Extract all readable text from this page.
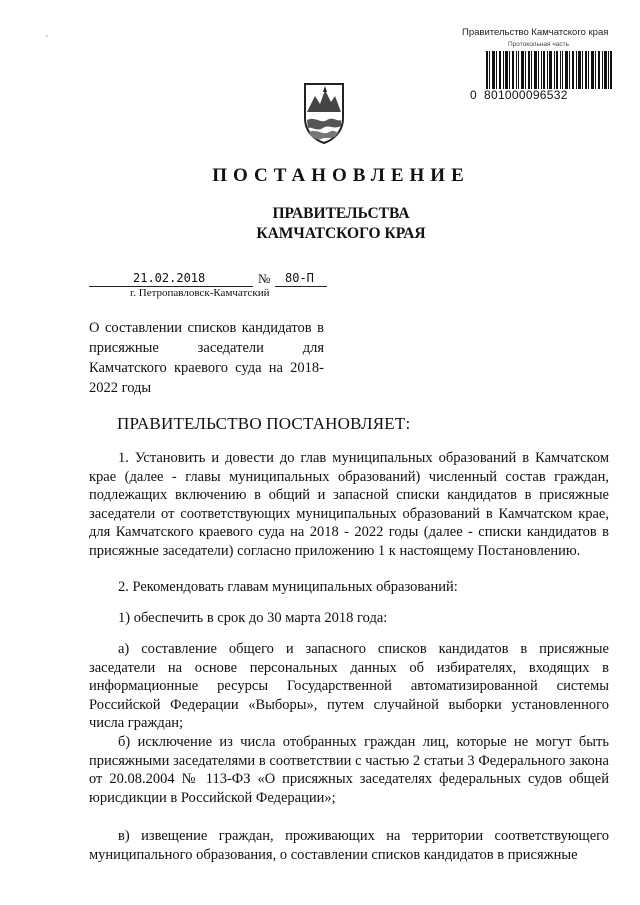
'
Правительство Камчатского края
Протокольная часть
0 801000096532
ПОСТАНОВЛЕНИЕ
ПРАВИТЕЛЬСТВА
КАМЧАТСКОГО КРАЯ
21.02.2018	№ 80-П
г. Петропавловск-Камчатский
О составлении списков кандидатов в присяжные заседатели для Камчатского краевого суда на 2018-2022 годы
ПРАВИТЕЛЬСТВО ПОСТАНОВЛЯЕТ:

1. Установить и довести до глав муниципальных образований в Камчатском крае (далее - главы муниципальных образований) численный состав граждан, подлежащих включению в общий и запасной списки кандидатов в присяжные заседатели от соответствующих муниципальных образований в Камчатском крае, для Камчатского краевого суда на 2018 - 2022 годы (далее - списки кандидатов в присяжные заседатели) согласно приложению 1 к настоящему Постановлению.

2. Рекомендовать главам муниципальных образований:

1) обеспечить в срок до 30 марта 2018 года:

а) составление общего и запасного списков кандидатов в присяжные заседатели на основе персональных данных об избирателях, входящих в информационные ресурсы Государственной автоматизированной системы Российской Федерации «Выборы», путем случайной выборки установленного числа граждан;

б) исключение из числа отобранных граждан лиц, которые не могут быть присяжными заседателями в соответствии с частью 2 статьи 3 Федерального закона от 20.08.2004 № 113-ФЗ «О присяжных заседателях федеральных судов общей юрисдикции в Российской Федерации»;

в) извещение граждан, проживающих на территории соответствующего муниципального образования, о составлении списков кандидатов в присяжные
